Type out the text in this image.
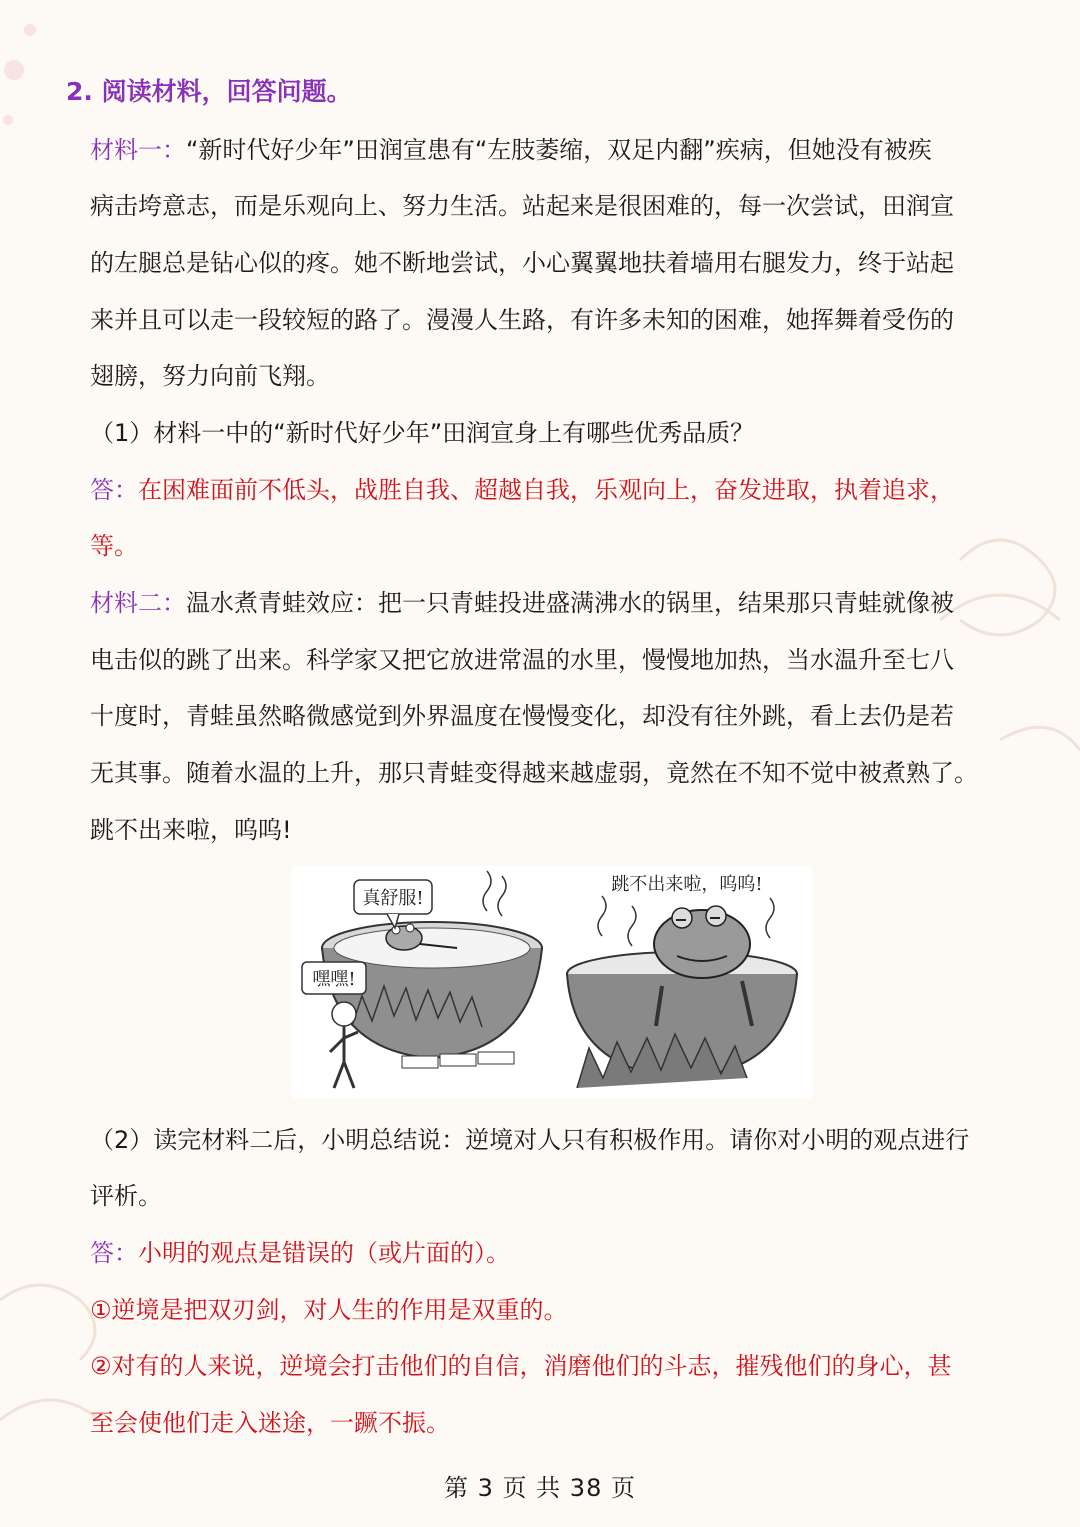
2. 阅读材料，回答问题。
材料一：“新时代好少年”田润宣患有“左肢萎缩，双足内翻”疾病，但她没有被疾
病击垮意志，而是乐观向上、努力生活。站起来是很困难的，每一次尝试，田润宣
的左腿总是钻心似的疼。她不断地尝试，小心翼翼地扶着墙用右腿发力，终于站起
来并且可以走一段较短的路了。漫漫人生路，有许多未知的困难，她挥舞着受伤的
翅膀，努力向前飞翔。
（1）材料一中的“新时代好少年”田润宣身上有哪些优秀品质？
答：在困难面前不低头，战胜自我、超越自我，乐观向上，奋发进取，执着追求，
等。
材料二：温水煮青蛙效应：把一只青蛙投进盛满沸水的锅里，结果那只青蛙就像被
电击似的跳了出来。科学家又把它放进常温的水里，慢慢地加热，当水温升至七八
十度时，青蛙虽然略微感觉到外界温度在慢慢变化，却没有往外跳，看上去仍是若
无其事。随着水温的上升，那只青蛙变得越来越虚弱，竟然在不知不觉中被煮熟了。
跳不出来啦，呜呜!
真舒服!
嘿嘿!
跳不出来啦，呜呜!
（2）读完材料二后，小明总结说：逆境对人只有积极作用。请你对小明的观点进行
评析。
答：小明的观点是错误的（或片面的）。
①逆境是把双刃剑，对人生的作用是双重的。
②对有的人来说，逆境会打击他们的自信，消磨他们的斗志，摧残他们的身心，甚
至会使他们走入迷途，一蹶不振。
第 3 页 共 38 页
